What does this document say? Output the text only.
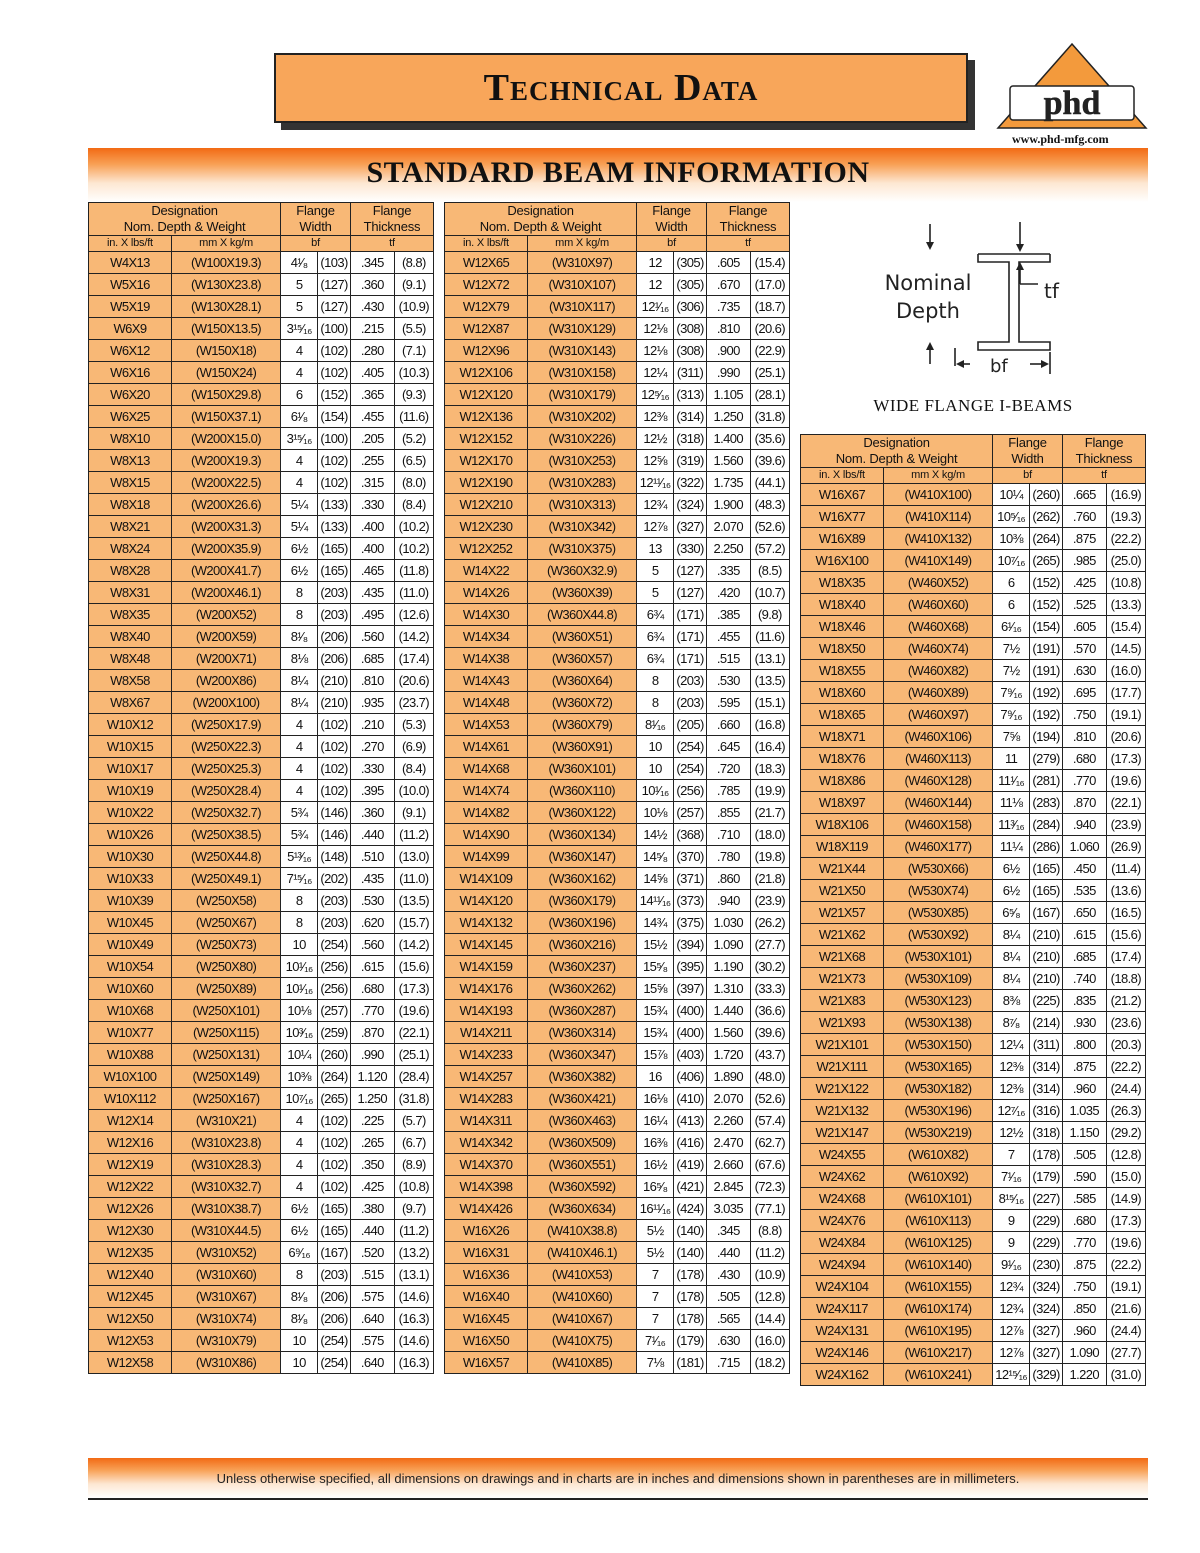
Technical Data	phd
www.phd-mfg.com
STANDARD BEAM INFORMATION
Designation
Nom. Depth & Weight		Flange Width		Flange Thickness	
in. X lbs/ft	mm X kg/m	bf		tf	
W4X13	(W100X19.3)	4¹⁄₈	(103)	.345	(8.8)
W5X16	(W130X23.8)	5	(127)	.360	(9.1)
W5X19	(W130X28.1)	5	(127)	.430	(10.9)
W6X9	(W150X13.5)	3¹⁵⁄₁₆	(100)	.215	(5.5)
W6X12	(W150X18)	4	(102)	.280	(7.1)
W6X16	(W150X24)	4	(102)	.405	(10.3)
W6X20	(W150X29.8)	6	(152)	.365	(9.3)
W6X25	(W150X37.1)	6¹⁄₈	(154)	.455	(11.6)
W8X10	(W200X15.0)	3¹⁵⁄₁₆	(100)	.205	(5.2)
W8X13	(W200X19.3)	4	(102)	.255	(6.5)
W8X15	(W200X22.5)	4	(102)	.315	(8.0)
W8X18	(W200X26.6)	5¼	(133)	.330	(8.4)
W8X21	(W200X31.3)	5¼	(133)	.400	(10.2)
W8X24	(W200X35.9)	6½	(165)	.400	(10.2)
W8X28	(W200X41.7)	6½	(165)	.465	(11.8)
W8X31	(W200X46.1)	8	(203)	.435	(11.0)
W8X35	(W200X52)	8	(203)	.495	(12.6)
W8X40	(W200X59)	8¹⁄₈	(206)	.560	(14.2)
W8X48	(W200X71)	8⅛	(206)	.685	(17.4)
W8X58	(W200X86)	8¼	(210)	.810	(20.6)
W8X67	(W200X100)	8¼	(210)	.935	(23.7)
W10X12	(W250X17.9)	4	(102)	.210	(5.3)
W10X15	(W250X22.3)	4	(102)	.270	(6.9)
W10X17	(W250X25.3)	4	(102)	.330	(8.4)
W10X19	(W250X28.4)	4	(102)	.395	(10.0)
W10X22	(W250X32.7)	5¾	(146)	.360	(9.1)
W10X26	(W250X38.5)	5¾	(146)	.440	(11.2)
W10X30	(W250X44.8)	5¹³⁄₁₆	(148)	.510	(13.0)
W10X33	(W250X49.1)	7¹⁵⁄₁₆	(202)	.435	(11.0)
W10X39	(W250X58)	8	(203)	.530	(13.5)
W10X45	(W250X67)	8	(203)	.620	(15.7)
W10X49	(W250X73)	10	(254)	.560	(14.2)
W10X54	(W250X80)	10¹⁄₁₆	(256)	.615	(15.6)
W10X60	(W250X89)	10¹⁄₁₆	(256)	.680	(17.3)
W10X68	(W250X101)	10⅛	(257)	.770	(19.6)
W10X77	(W250X115)	10³⁄₁₆	(259)	.870	(22.1)
W10X88	(W250X131)	10¼	(260)	.990	(25.1)
W10X100	(W250X149)	10⅜	(264)	1.120	(28.4)
W10X112	(W250X167)	10⁷⁄₁₆	(265)	1.250	(31.8)
W12X14	(W310X21)	4	(102)	.225	(5.7)
W12X16	(W310X23.8)	4	(102)	.265	(6.7)
W12X19	(W310X28.3)	4	(102)	.350	(8.9)
W12X22	(W310X32.7)	4	(102)	.425	(10.8)
W12X26	(W310X38.7)	6½	(165)	.380	(9.7)
W12X30	(W310X44.5)	6½	(165)	.440	(11.2)
W12X35	(W310X52)	6⁹⁄₁₆	(167)	.520	(13.2)
W12X40	(W310X60)	8	(203)	.515	(13.1)
W12X45	(W310X67)	8¹⁄₈	(206)	.575	(14.6)
W12X50	(W310X74)	8¹⁄₈	(206)	.640	(16.3)
W12X53	(W310X79)	10	(254)	.575	(14.6)
W12X58	(W310X86)	10	(254)	.640	(16.3)
Designation
Nom. Depth & Weight		Flange Width		Flange Thickness	
in. X lbs/ft	mm X kg/m	bf		tf	
W12X65	(W310X97)	12	(305)	.605	(15.4)
W12X72	(W310X107)	12	(305)	.670	(17.0)
W12X79	(W310X117)	12¹⁄₁₆	(306)	.735	(18.7)
W12X87	(W310X129)	12⅛	(308)	.810	(20.6)
W12X96	(W310X143)	12⅛	(308)	.900	(22.9)
W12X106	(W310X158)	12¼	(311)	.990	(25.1)
W12X120	(W310X179)	12⁵⁄₁₆	(313)	1.105	(28.1)
W12X136	(W310X202)	12⅜	(314)	1.250	(31.8)
W12X152	(W310X226)	12½	(318)	1.400	(35.6)
W12X170	(W310X253)	12⅝	(319)	1.560	(39.6)
W12X190	(W310X283)	12¹¹⁄₁₆	(322)	1.735	(44.1)
W12X210	(W310X313)	12¾	(324)	1.900	(48.3)
W12X230	(W310X342)	12⅞	(327)	2.070	(52.6)
W12X252	(W310X375)	13	(330)	2.250	(57.2)
W14X22	(W360X32.9)	5	(127)	.335	(8.5)
W14X26	(W360X39)	5	(127)	.420	(10.7)
W14X30	(W360X44.8)	6¾	(171)	.385	(9.8)
W14X34	(W360X51)	6¾	(171)	.455	(11.6)
W14X38	(W360X57)	6¾	(171)	.515	(13.1)
W14X43	(W360X64)	8	(203)	.530	(13.5)
W14X48	(W360X72)	8	(203)	.595	(15.1)
W14X53	(W360X79)	8¹⁄₁₆	(205)	.660	(16.8)
W14X61	(W360X91)	10	(254)	.645	(16.4)
W14X68	(W360X101)	10	(254)	.720	(18.3)
W14X74	(W360X110)	10¹⁄₁₆	(256)	.785	(19.9)
W14X82	(W360X122)	10⅛	(257)	.855	(21.7)
W14X90	(W360X134)	14½	(368)	.710	(18.0)
W14X99	(W360X147)	14⁵⁄₈	(370)	.780	(19.8)
W14X109	(W360X162)	14⅝	(371)	.860	(21.8)
W14X120	(W360X179)	14¹¹⁄₁₆	(373)	.940	(23.9)
W14X132	(W360X196)	14¾	(375)	1.030	(26.2)
W14X145	(W360X216)	15½	(394)	1.090	(27.7)
W14X159	(W360X237)	15⁵⁄₈	(395)	1.190	(30.2)
W14X176	(W360X262)	15⅝	(397)	1.310	(33.3)
W14X193	(W360X287)	15¾	(400)	1.440	(36.6)
W14X211	(W360X314)	15¾	(400)	1.560	(39.6)
W14X233	(W360X347)	15⅞	(403)	1.720	(43.7)
W14X257	(W360X382)	16	(406)	1.890	(48.0)
W14X283	(W360X421)	16⅛	(410)	2.070	(52.6)
W14X311	(W360X463)	16¼	(413)	2.260	(57.4)
W14X342	(W360X509)	16⅜	(416)	2.470	(62.7)
W14X370	(W360X551)	16½	(419)	2.660	(67.6)
W14X398	(W360X592)	16⁵⁄₈	(421)	2.845	(72.3)
W14X426	(W360X634)	16¹¹⁄₁₆	(424)	3.035	(77.1)
W16X26	(W410X38.8)	5½	(140)	.345	(8.8)
W16X31	(W410X46.1)	5½	(140)	.440	(11.2)
W16X36	(W410X53)	7	(178)	.430	(10.9)
W16X40	(W410X60)	7	(178)	.505	(12.8)
W16X45	(W410X67)	7	(178)	.565	(14.4)
W16X50	(W410X75)	7¹⁄₁₆	(179)	.630	(16.0)
W16X57	(W410X85)	7⅛	(181)	.715	(18.2)
Designation
Nom. Depth & Weight		Flange Width		Flange Thickness	
in. X lbs/ft	mm X kg/m	bf		tf	
W16X67	(W410X100)	10¼	(260)	.665	(16.9)
W16X77	(W410X114)	10⁵⁄₁₆	(262)	.760	(19.3)
W16X89	(W410X132)	10⅜	(264)	.875	(22.2)
W16X100	(W410X149)	10⁷⁄₁₆	(265)	.985	(25.0)
W18X35	(W460X52)	6	(152)	.425	(10.8)
W18X40	(W460X60)	6	(152)	.525	(13.3)
W18X46	(W460X68)	6¹⁄₁₆	(154)	.605	(15.4)
W18X50	(W460X74)	7½	(191)	.570	(14.5)
W18X55	(W460X82)	7½	(191)	.630	(16.0)
W18X60	(W460X89)	7⁹⁄₁₆	(192)	.695	(17.7)
W18X65	(W460X97)	7⁹⁄₁₆	(192)	.750	(19.1)
W18X71	(W460X106)	7⅝	(194)	.810	(20.6)
W18X76	(W460X113)	11	(279)	.680	(17.3)
W18X86	(W460X128)	11¹⁄₁₆	(281)	.770	(19.6)
W18X97	(W460X144)	11⅛	(283)	.870	(22.1)
W18X106	(W460X158)	11³⁄₁₆	(284)	.940	(23.9)
W18X119	(W460X177)	11¼	(286)	1.060	(26.9)
W21X44	(W530X66)	6½	(165)	.450	(11.4)
W21X50	(W530X74)	6½	(165)	.535	(13.6)
W21X57	(W530X85)	6⁵⁄₈	(167)	.650	(16.5)
W21X62	(W530X92)	8¼	(210)	.615	(15.6)
W21X68	(W530X101)	8¼	(210)	.685	(17.4)
W21X73	(W530X109)	8¼	(210)	.740	(18.8)
W21X83	(W530X123)	8⅜	(225)	.835	(21.2)
W21X93	(W530X138)	8⁷⁄₈	(214)	.930	(23.6)
W21X101	(W530X150)	12¼	(311)	.800	(20.3)
W21X111	(W530X165)	12⅜	(314)	.875	(22.2)
W21X122	(W530X182)	12⅜	(314)	.960	(24.4)
W21X132	(W530X196)	12⁷⁄₁₆	(316)	1.035	(26.3)
W21X147	(W530X219)	12½	(318)	1.150	(29.2)
W24X55	(W610X82)	7	(178)	.505	(12.8)
W24X62	(W610X92)	7¹⁄₁₆	(179)	.590	(15.0)
W24X68	(W610X101)	8¹⁵⁄₁₆	(227)	.585	(14.9)
W24X76	(W610X113)	9	(229)	.680	(17.3)
W24X84	(W610X125)	9	(229)	.770	(19.6)
W24X94	(W610X140)	9¹⁄₁₆	(230)	.875	(22.2)
W24X104	(W610X155)	12¾	(324)	.750	(19.1)
W24X117	(W610X174)	12¾	(324)	.850	(21.6)
W24X131	(W610X195)	12⅞	(327)	.960	(24.4)
W24X146	(W610X217)	12⅞	(327)	1.090	(27.7)
W24X162	(W610X241)	12¹⁵⁄₁₆	(329)	1.220	(31.0)
Nominal
Depth
tf
bf
WIDE FLANGE I-BEAMS
Unless otherwise specified, all dimensions on drawings and in charts are in inches and dimensions shown in parentheses are in millimeters.
